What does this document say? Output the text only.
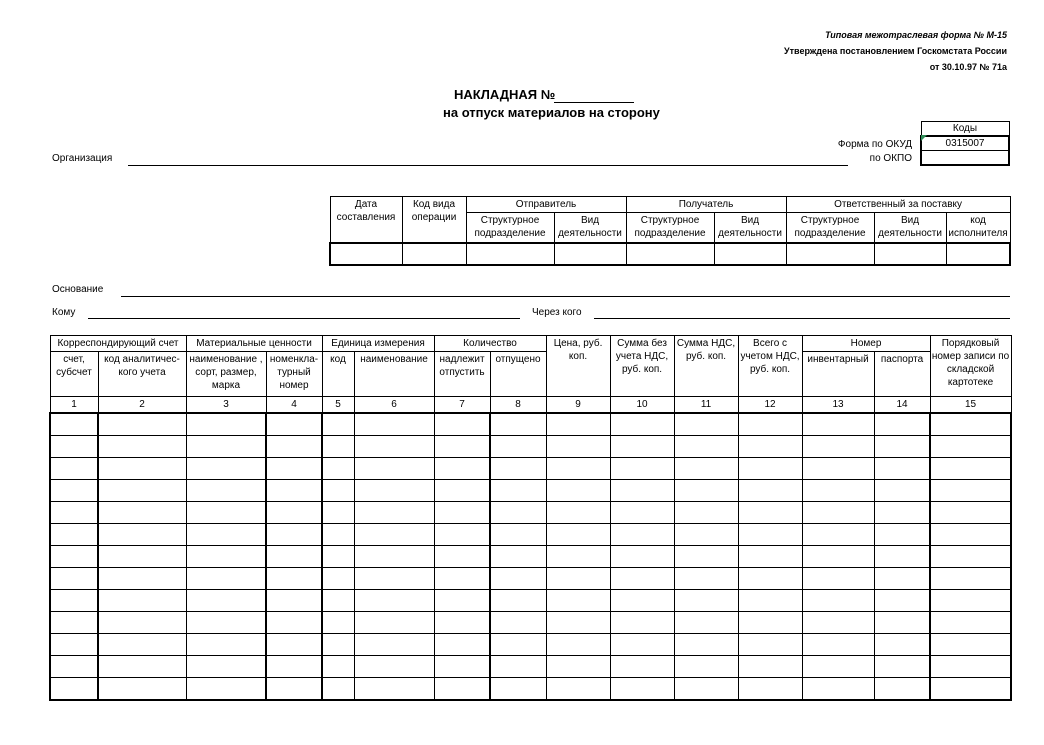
Типовая межотраслевая форма № М-15
Утверждена постановлением Госкомстата России
от 30.10.97 № 71а
НАКЛАДНАЯ №
на отпуск материалов на сторону
Коды
0315007

Форма по ОКУД
по ОКПО
Организация
Дата составления	Код вида операции	Отправитель		Получатель		Ответственный за поставку		
		Структурное подразделение	Вид деятельности	Структурное подразделение	Вид деятельности	Структурное подразделение	Вид деятельности	код исполнителя

Основание
Кому	Через кого
Корреспондирующий счет		Материальные ценности		Единица измерения		Количество		Цена, руб. коп.	Сумма без учета НДС, руб. коп.	Сумма НДС, руб. коп.	Всего с учетом НДС, руб. коп.	Номер		Порядковый номер записи по складской картотеке
счет, субсчет	код аналитичес-кого учета	наименование , сорт, размер, марка	номенкла-турный номер	код	наименование	надлежит отпустить	отпущено					инвентарный	паспорта	
1	2	3	4	5	6	7	8	9	10	11	12	13	14	15
